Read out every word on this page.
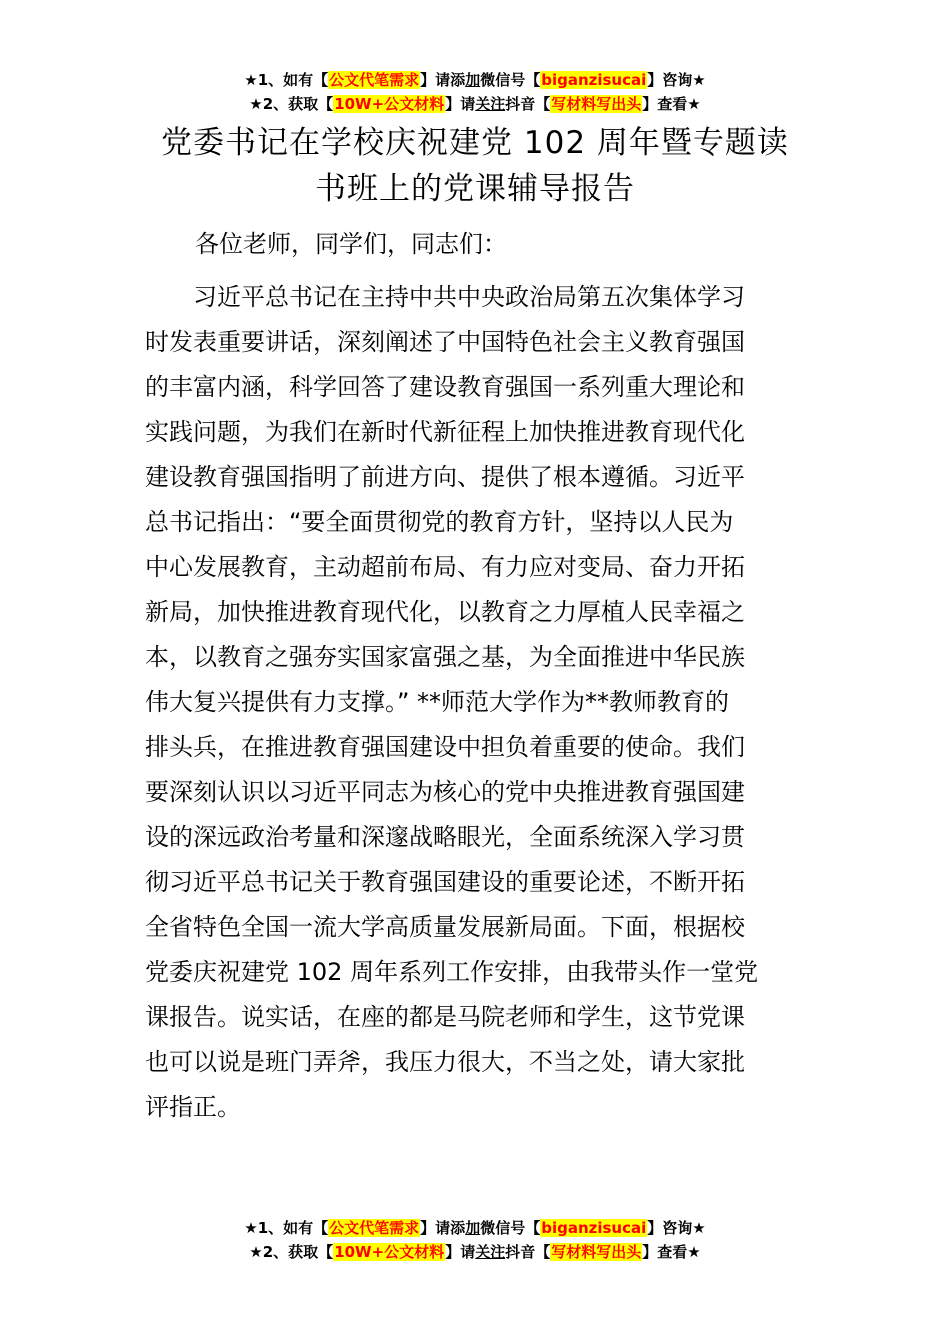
★1、如有【公文代笔需求】请添加微信号【biganzisucai】咨询★
★2、获取【10W+公文材料】请关注抖音【写材料写出头】查看★
党委书记在学校庆祝建党 102 周年暨专题读
书班上的党课辅导报告
各位老师，同学们，同志们：
　　习近平总书记在主持中共中央政治局第五次集体学习
时发表重要讲话，深刻阐述了中国特色社会主义教育强国
的丰富内涵，科学回答了建设教育强国一系列重大理论和
实践问题，为我们在新时代新征程上加快推进教育现代化
建设教育强国指明了前进方向、提供了根本遵循。习近平
总书记指出：“要全面贯彻党的教育方针，坚持以人民为
中心发展教育，主动超前布局、有力应对变局、奋力开拓
新局，加快推进教育现代化，以教育之力厚植人民幸福之
本，以教育之强夯实国家富强之基，为全面推进中华民族
伟大复兴提供有力支撑。” **师范大学作为**教师教育的
排头兵，在推进教育强国建设中担负着重要的使命。我们
要深刻认识以习近平同志为核心的党中央推进教育强国建
设的深远政治考量和深邃战略眼光，全面系统深入学习贯
彻习近平总书记关于教育强国建设的重要论述，不断开拓
全省特色全国一流大学高质量发展新局面。下面，根据校
党委庆祝建党 102 周年系列工作安排，由我带头作一堂党
课报告。说实话，在座的都是马院老师和学生，这节党课
也可以说是班门弄斧，我压力很大，不当之处，请大家批
评指正。
★1、如有【公文代笔需求】请添加微信号【biganzisucai】咨询★
★2、获取【10W+公文材料】请关注抖音【写材料写出头】查看★
